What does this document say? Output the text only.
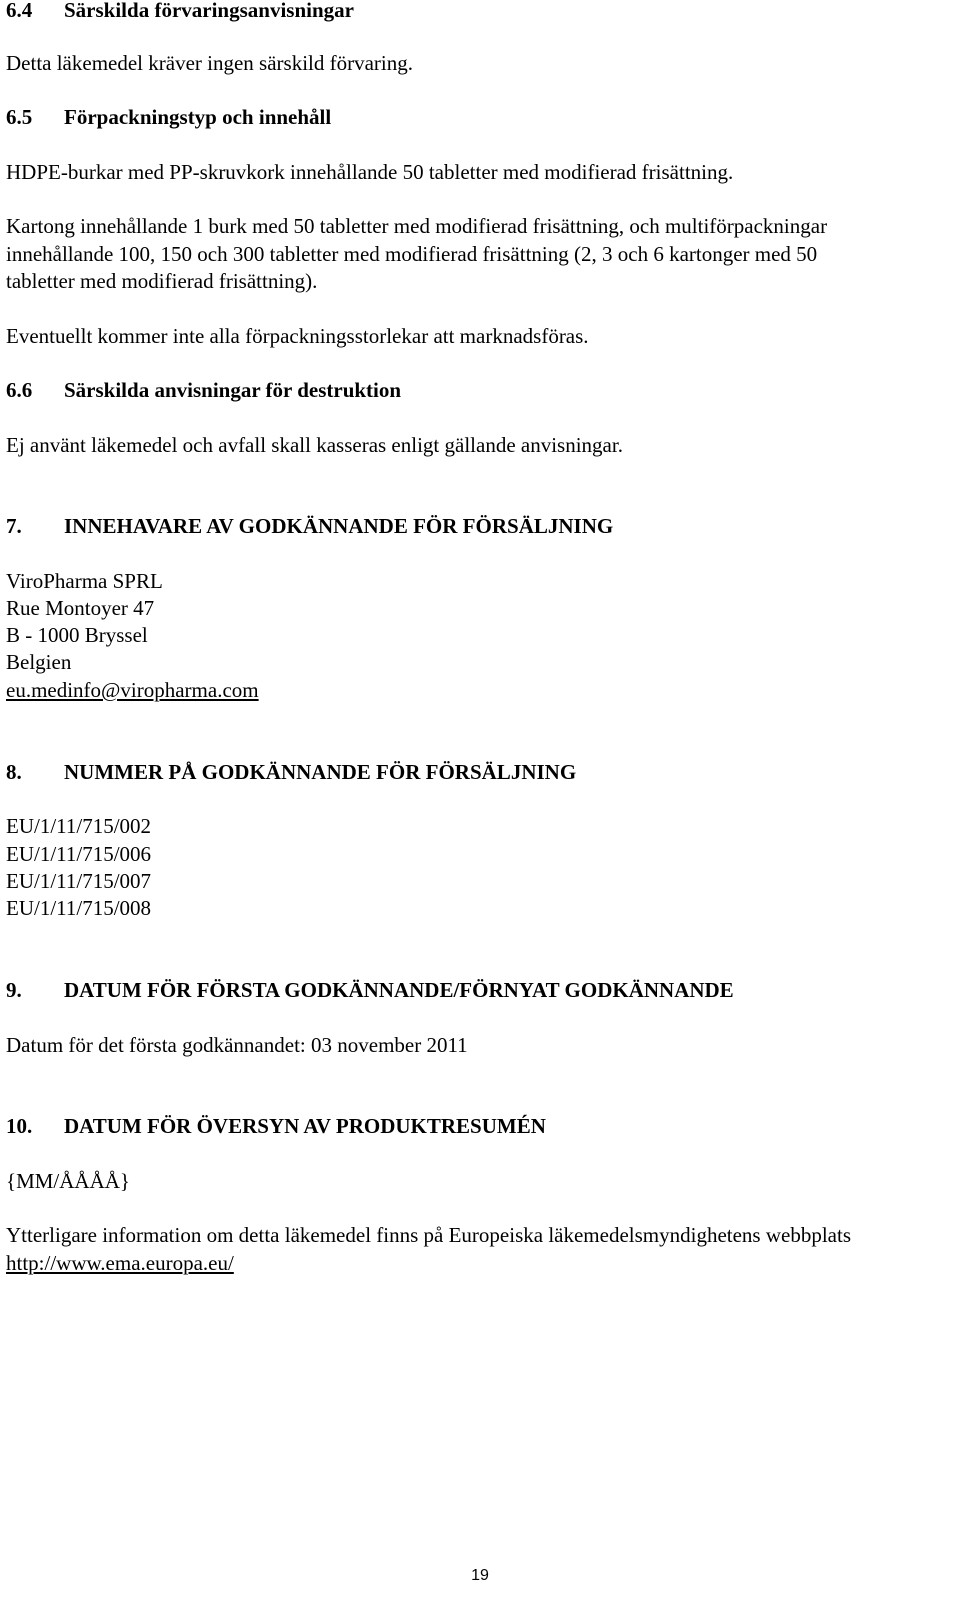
6.4 Särskilda förvaringsanvisningar
Detta läkemedel kräver ingen särskild förvaring.
6.5 Förpackningstyp och innehåll
HDPE-burkar med PP-skruvkork innehållande 50 tabletter med modifierad frisättning.
Kartong innehållande 1 burk med 50 tabletter med modifierad frisättning, och multiförpackningar
innehållande 100, 150 och 300 tabletter med modifierad frisättning (2, 3 och 6 kartonger med 50
tabletter med modifierad frisättning).
Eventuellt kommer inte alla förpackningsstorlekar att marknadsföras.
6.6 Särskilda anvisningar för destruktion
Ej använt läkemedel och avfall skall kasseras enligt gällande anvisningar.
7. INNEHAVARE AV GODKÄNNANDE FÖR FÖRSÄLJNING
ViroPharma SPRL
Rue Montoyer 47
B - 1000 Bryssel
Belgien
eu.medinfo@viropharma.com
8. NUMMER PÅ GODKÄNNANDE FÖR FÖRSÄLJNING
EU/1/11/715/002
EU/1/11/715/006
EU/1/11/715/007
EU/1/11/715/008
9. DATUM FÖR FÖRSTA GODKÄNNANDE/FÖRNYAT GODKÄNNANDE
Datum för det första godkännandet: 03 november 2011
10. DATUM FÖR ÖVERSYN AV PRODUKTRESUMÉN
{MM/ÅÅÅÅ}
Ytterligare information om detta läkemedel finns på Europeiska läkemedelsmyndighetens webbplats
http://www.ema.europa.eu/
19
